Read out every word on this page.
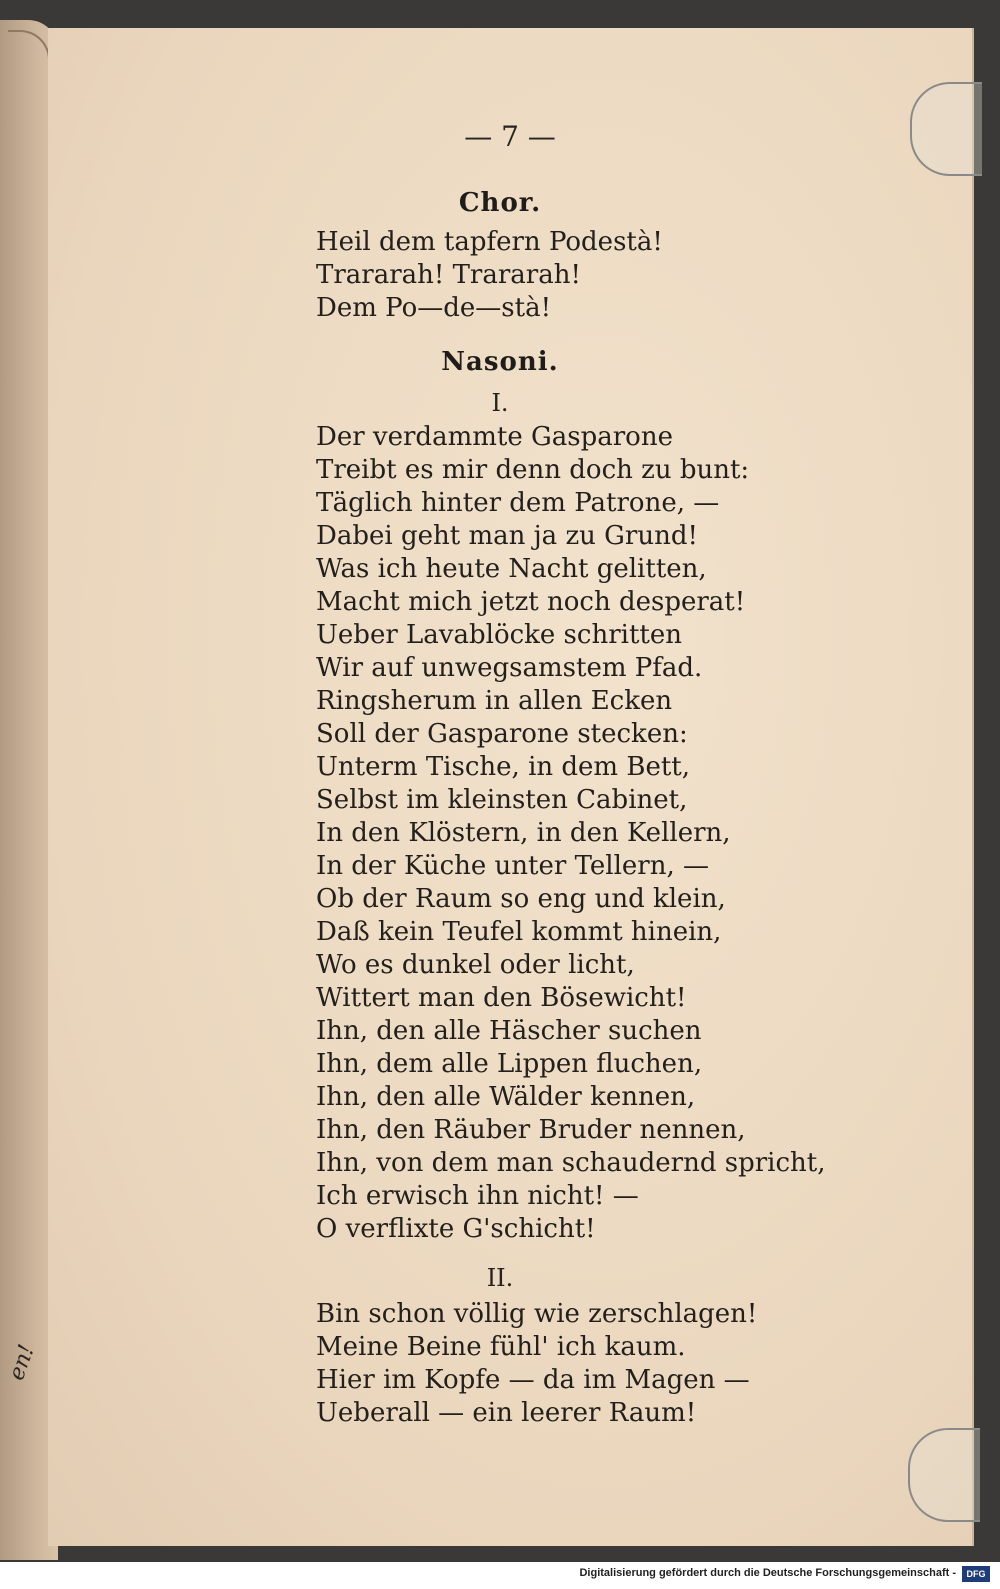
en!
— 7 —
Chor.
Heil dem tapfern Podestà!
Trararah! Trararah!
Dem Po—de—stà!
Nasoni.
I.
Der verdammte Gasparone
Treibt es mir denn doch zu bunt:
Täglich hinter dem Patrone, —
Dabei geht man ja zu Grund!
Was ich heute Nacht gelitten,
Macht mich jetzt noch desperat!
Ueber Lavablöcke schritten
Wir auf unwegsamstem Pfad.
Ringsherum in allen Ecken
Soll der Gasparone stecken:
Unterm Tische, in dem Bett,
Selbst im kleinsten Cabinet,
In den Klöstern, in den Kellern,
In der Küche unter Tellern, —
Ob der Raum so eng und klein,
Daß kein Teufel kommt hinein,
Wo es dunkel oder licht,
Wittert man den Bösewicht!
Ihn, den alle Häscher suchen
Ihn, dem alle Lippen fluchen,
Ihn, den alle Wälder kennen,
Ihn, den Räuber Bruder nennen,
Ihn, von dem man schaudernd spricht,
Ich erwisch ihn nicht! —
O verflixte G'schicht!
II.
Bin schon völlig wie zerschlagen!
Meine Beine fühl' ich kaum.
Hier im Kopfe — da im Magen —
Ueberall — ein leerer Raum!
Digitalisierung gefördert durch die Deutsche Forschungsgemeinschaft -	DFG
